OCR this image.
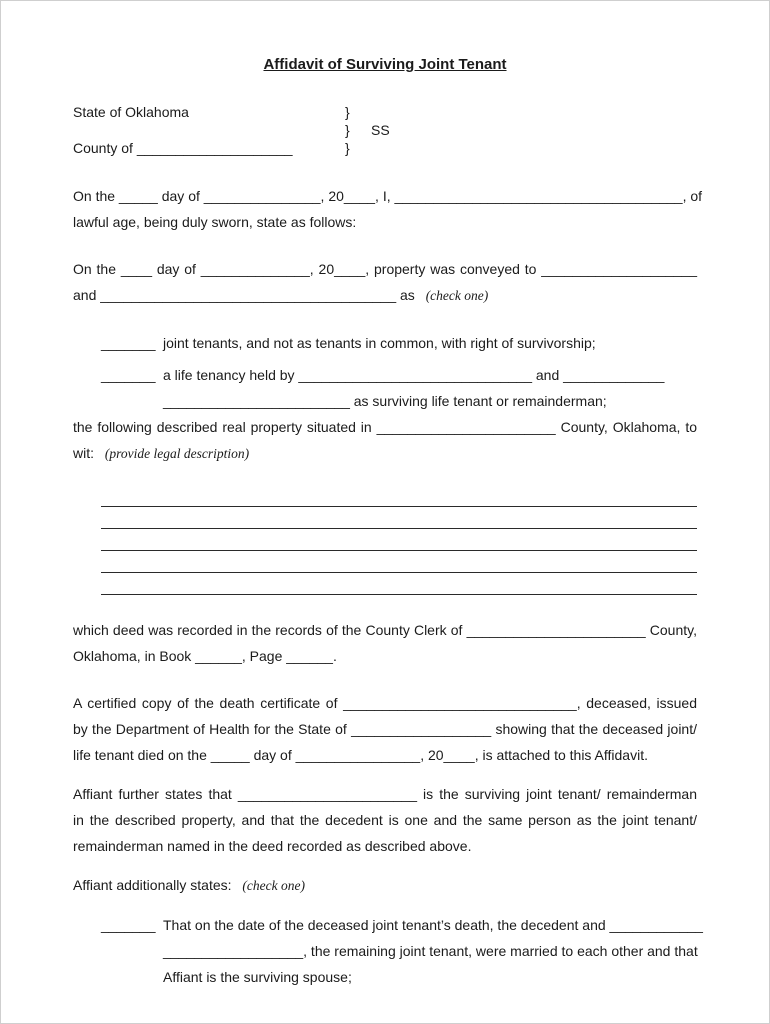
Affidavit of Surviving Joint Tenant
State of Oklahoma	}
}	SS
County of ____________________	}
On the _____ day of _______________, 20____, I, _____________________________________, of
lawful age, being duly sworn, state as follows:
On the ____ day of ______________, 20____, property was conveyed to ____________________
and ______________________________________ as (check one)
_______ joint tenants, and not as tenants in common, with right of survivorship;
_______ a life tenancy held by ______________________________ and _____________
________________________ as surviving life tenant or remainderman;
the following described real property situated in _______________________ County, Oklahoma, to
wit: (provide legal description)
which deed was recorded in the records of the County Clerk of _______________________ County,
Oklahoma, in Book ______, Page ______.
A certified copy of the death certificate of ______________________________, deceased, issued
by the Department of Health for the State of __________________ showing that the deceased joint/
life tenant died on the _____ day of ________________, 20____, is attached to this Affidavit.
Affiant further states that _______________________ is the surviving joint tenant/ remainderman
in the described property, and that the decedent is one and the same person as the joint tenant/
remainderman named in the deed recorded as described above.
Affiant additionally states: (check one)
_______ That on the date of the deceased joint tenant’s death, the decedent and ____________
__________________, the remaining joint tenant, were married to each other and that
Affiant is the surviving spouse;
